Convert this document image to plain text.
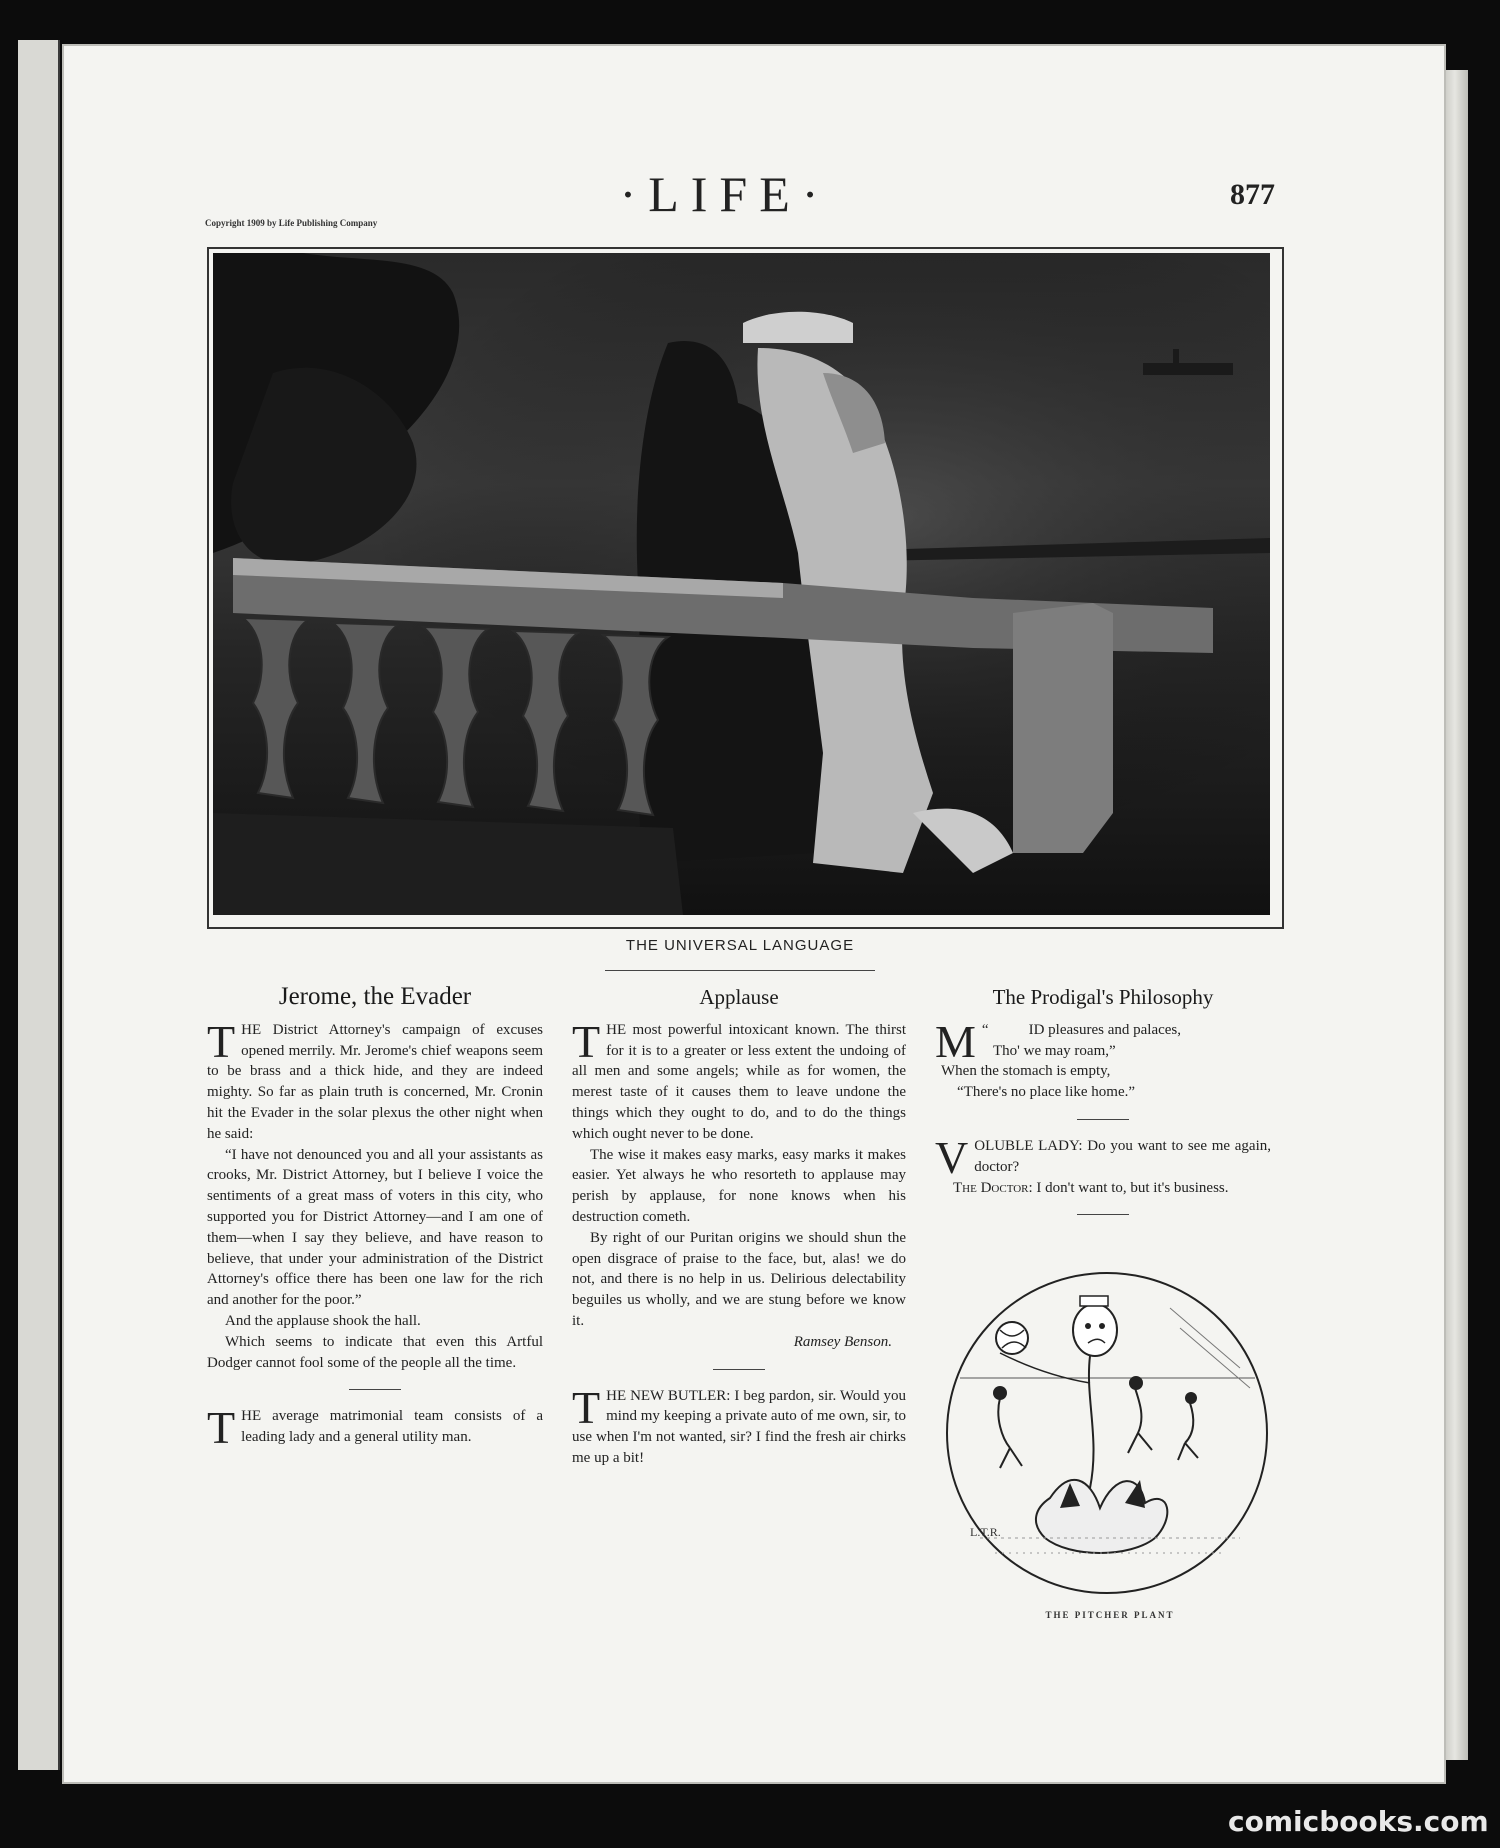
·LIFE·	877
Copyright 1909 by Life Publishing Company
THE UNIVERSAL LANGUAGE
Jerome, the Evader

THE District Attorney's campaign of excuses opened merrily. Mr. Jerome's chief weapons seem to be brass and a thick hide, and they are indeed mighty. So far as plain truth is concerned, Mr. Cronin hit the Evader in the solar plexus the other night when he said:

“I have not denounced you and all your assistants as crooks, Mr. District Attorney, but I believe I voice the sentiments of a great mass of voters in this city, who supported you for District Attorney—and I am one of them—when I say they believe, and have reason to believe, that under your administration of the District Attorney's office there has been one law for the rich and another for the poor.”

And the applause shook the hall.

Which seems to indicate that even this Artful Dodger cannot fool some of the people all the time.

THE average matrimonial team consists of a leading lady and a general utility man.

Applause

THE most powerful intoxicant known. The thirst for it is to a greater or less extent the undoing of all men and some angels; while as for women, the merest taste of it causes them to leave undone the things which they ought to do, and to do the things which ought never to be done.

The wise it makes easy marks, easy marks it makes easier. Yet always he who resorteth to applause may perish by applause, for none knows when his destruction cometh.

By right of our Puritan origins we should shun the open disgrace of praise to the face, but, alas! we do not, and there is no help in us. Delirious delectability beguiles us wholly, and we are stung before we know it.

Ramsey Benson.

THE NEW BUTLER: I beg pardon, sir. Would you mind my keeping a private auto of me own, sir, to use when I'm not wanted, sir? I find the fresh air chirks me up a bit!

The Prodigal's Philosophy
“
M	ID pleasures and palaces,
Tho' we may roam,”
When the stomach is empty,
“There's no place like home.”

VOLUBLE LADY: Do you want to see me again, doctor?

The Doctor: I don't want to, but it's business.

L.T.R.
THE PITCHER PLANT
comicbooks.com
